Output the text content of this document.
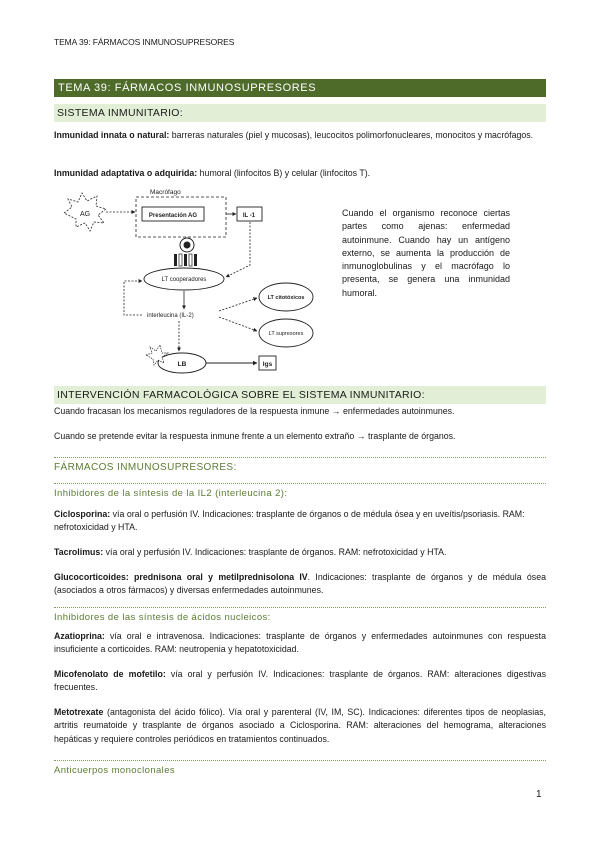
TEMA 39: FÁRMACOS INMUNOSUPRESORES
TEMA 39: FÁRMACOS INMUNOSUPRESORES
SISTEMA INMUNITARIO:
Inmunidad innata o natural: barreras naturales (piel y mucosas), leucocitos polimorfonucleares, monocitos y macrófagos.
Inmunidad adaptativa o adquirida: humoral (linfocitos B) y celular (linfocitos T).
AG
Macrófago
Presentación AG	IL -1
LT cooperadores
interleucina (IL-2)
LT citotóxicos
LT supresores
LB	Igs
Cuando el organismo reconoce ciertas partes como ajenas: enfermedad autoinmune. Cuando hay un antígeno externo, se aumenta la producción de inmunoglobulinas y el macrófago lo presenta, se genera una inmunidad humoral.
INTERVENCIÓN FARMACOLÓGICA SOBRE EL SISTEMA INMUNITARIO:
Cuando fracasan los mecanismos reguladores de la respuesta inmune → enfermedades autoinmunes.
Cuando se pretende evitar la respuesta inmune frente a un elemento extraño → trasplante de órganos.
FÁRMACOS INMUNOSUPRESORES:
Inhibidores de la síntesis de la IL2 (interleucina 2):
Ciclosporina: vía oral o perfusión IV. Indicaciones: trasplante de órganos o de médula ósea y en uveítis/psoriasis. RAM: nefrotoxicidad y HTA.
Tacrolimus: vía oral y perfusión IV. Indicaciones: trasplante de órganos. RAM: nefrotoxicidad y HTA.
Glucocorticoides: prednisona oral y metilprednisolona IV. Indicaciones: trasplante de órganos y de médula ósea (asociados a otros fármacos) y diversas enfermedades autoinmunes.
Inhibidores de las síntesis de ácidos nucleicos:
Azatioprina: vía oral e intravenosa. Indicaciones: trasplante de órganos y enfermedades autoinmunes con respuesta insuficiente a corticoides. RAM: neutropenia y hepatotoxicidad.
Micofenolato de mofetilo: vía oral y perfusión IV. Indicaciones: trasplante de órganos. RAM: alteraciones digestivas frecuentes.
Metotrexate (antagonista del ácido fólico). Vía oral y parenteral (IV, IM, SC). Indicaciones: diferentes tipos de neoplasias, artritis reumatoide y trasplante de órganos asociado a Ciclosporina. RAM: alteraciones del hemograma, alteraciones hepáticas y requiere controles periódicos en tratamientos continuados.
Anticuerpos monoclonales
1
